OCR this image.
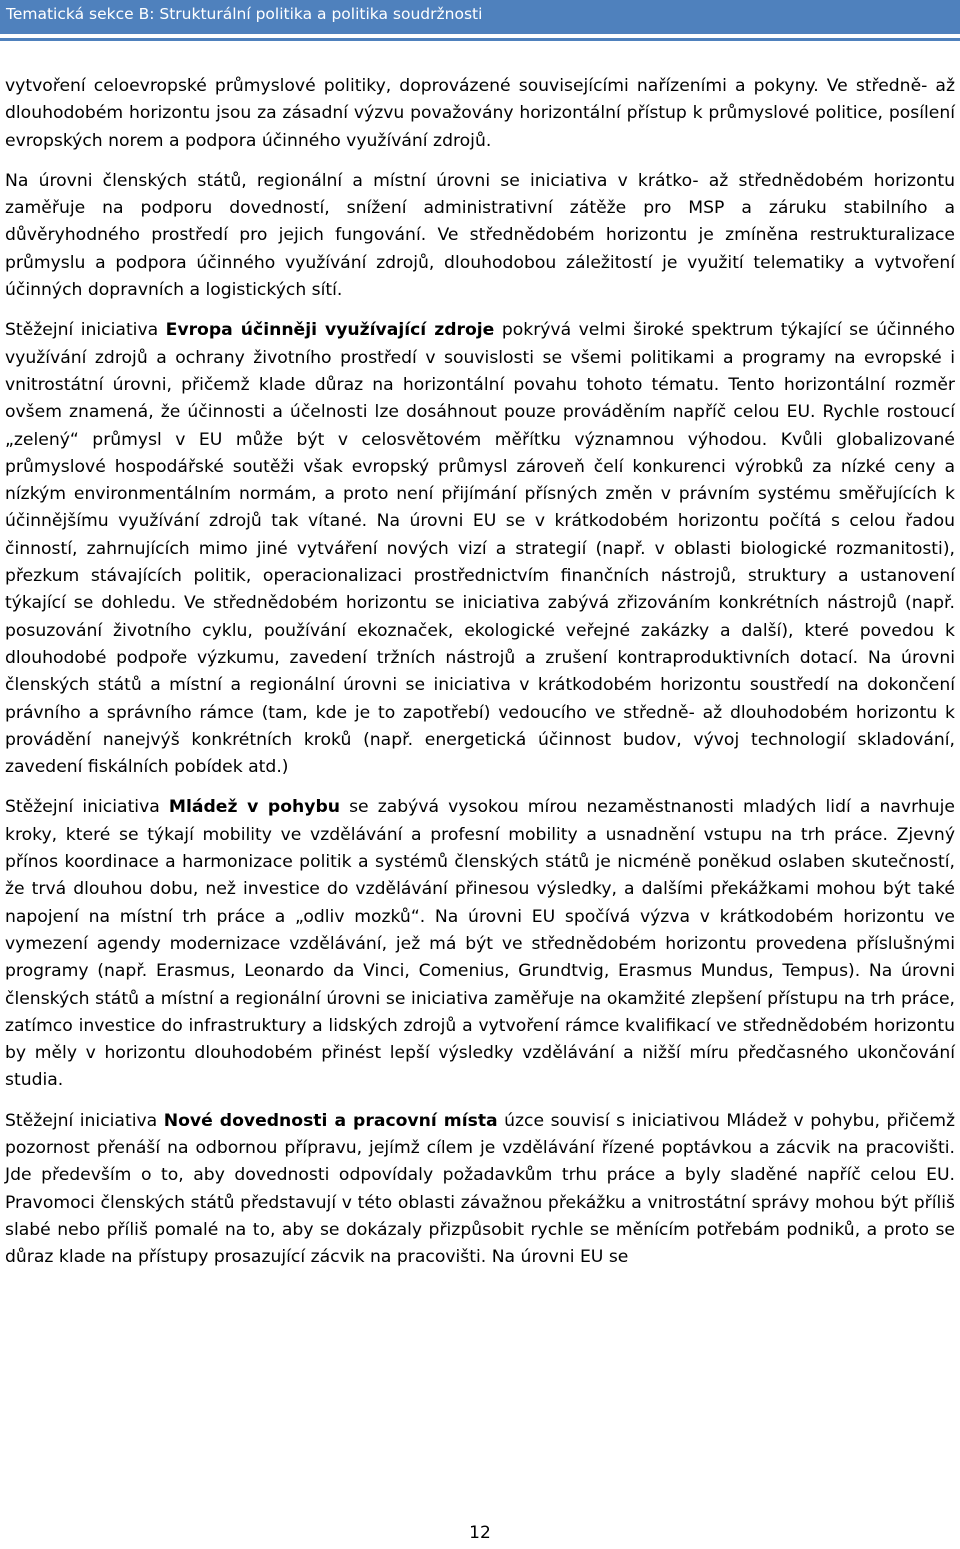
Tematická sekce B: Strukturální politika a politika soudržnosti

vytvoření celoevropské průmyslové politiky, doprovázené souvisejícími nařízeními a pokyny. Ve středně- až dlouhodobém horizontu jsou za zásadní výzvu považovány horizontální přístup k průmyslové politice, posílení evropských norem a podpora účinného využívání zdrojů.

Na úrovni členských států, regionální a místní úrovni se iniciativa v krátko- až střednědobém horizontu zaměřuje na podporu dovedností, snížení administrativní zátěže pro MSP a záruku stabilního a důvěryhodného prostředí pro jejich fungování. Ve střednědobém horizontu je zmíněna restrukturalizace průmyslu a podpora účinného využívání zdrojů, dlouhodobou záležitostí je využití telematiky a vytvoření účinných dopravních a logistických sítí.

Stěžejní iniciativa Evropa účinněji využívající zdroje pokrývá velmi široké spektrum týkající se účinného využívání zdrojů a ochrany životního prostředí v souvislosti se všemi politikami a programy na evropské i vnitrostátní úrovni, přičemž klade důraz na horizontální povahu tohoto tématu. Tento horizontální rozměr ovšem znamená, že účinnosti a účelnosti lze dosáhnout pouze prováděním napříč celou EU. Rychle rostoucí „zelený“ průmysl v EU může být v celosvětovém měřítku významnou výhodou. Kvůli globalizované průmyslové hospodářské soutěži však evropský průmysl zároveň čelí konkurenci výrobků za nízké ceny a nízkým environmentálním normám, a proto není přijímání přísných změn v právním systému směřujících k účinnějšímu využívání zdrojů tak vítané. Na úrovni EU se v krátkodobém horizontu počítá s celou řadou činností, zahrnujících mimo jiné vytváření nových vizí a strategií (např. v oblasti biologické rozmanitosti), přezkum stávajících politik, operacionalizaci prostřednictvím finančních nástrojů, struktury a ustanovení týkající se dohledu. Ve střednědobém horizontu se iniciativa zabývá zřizováním konkrétních nástrojů (např. posuzování životního cyklu, používání ekoznaček, ekologické veřejné zakázky a další), které povedou k dlouhodobé podpoře výzkumu, zavedení tržních nástrojů a zrušení kontraproduktivních dotací. Na úrovni členských států a místní a regionální úrovni se iniciativa v krátkodobém horizontu soustředí na dokončení právního a správního rámce (tam, kde je to zapotřebí) vedoucího ve středně- až dlouhodobém horizontu k provádění nanejvýš konkrétních kroků (např. energetická účinnost budov, vývoj technologií skladování, zavedení fiskálních pobídek atd.)

Stěžejní iniciativa Mládež v pohybu se zabývá vysokou mírou nezaměstnanosti mladých lidí a navrhuje kroky, které se týkají mobility ve vzdělávání a profesní mobility a usnadnění vstupu na trh práce. Zjevný přínos koordinace a harmonizace politik a systémů členských států je nicméně poněkud oslaben skutečností, že trvá dlouhou dobu, než investice do vzdělávání přinesou výsledky, a dalšími překážkami mohou být také napojení na místní trh práce a „odliv mozků“. Na úrovni EU spočívá výzva v krátkodobém horizontu ve vymezení agendy modernizace vzdělávání, jež má být ve střednědobém horizontu provedena příslušnými programy (např. Erasmus, Leonardo da Vinci, Comenius, Grundtvig, Erasmus Mundus, Tempus). Na úrovni členských států a místní a regionální úrovni se iniciativa zaměřuje na okamžité zlepšení přístupu na trh práce, zatímco investice do infrastruktury a lidských zdrojů a vytvoření rámce kvalifikací ve střednědobém horizontu by měly v horizontu dlouhodobém přinést lepší výsledky vzdělávání a nižší míru předčasného ukončování studia.

Stěžejní iniciativa Nové dovednosti a pracovní místa úzce souvisí s iniciativou Mládež v pohybu, přičemž pozornost přenáší na odbornou přípravu, jejímž cílem je vzdělávání řízené poptávkou a zácvik na pracovišti. Jde především o to, aby dovednosti odpovídaly požadavkům trhu práce a byly sladěné napříč celou EU. Pravomoci členských států představují v této oblasti závažnou překážku a vnitrostátní správy mohou být příliš slabé nebo příliš pomalé na to, aby se dokázaly přizpůsobit rychle se měnícím potřebám podniků, a proto se důraz klade na přístupy prosazující zácvik na pracovišti. Na úrovni EU se

12
